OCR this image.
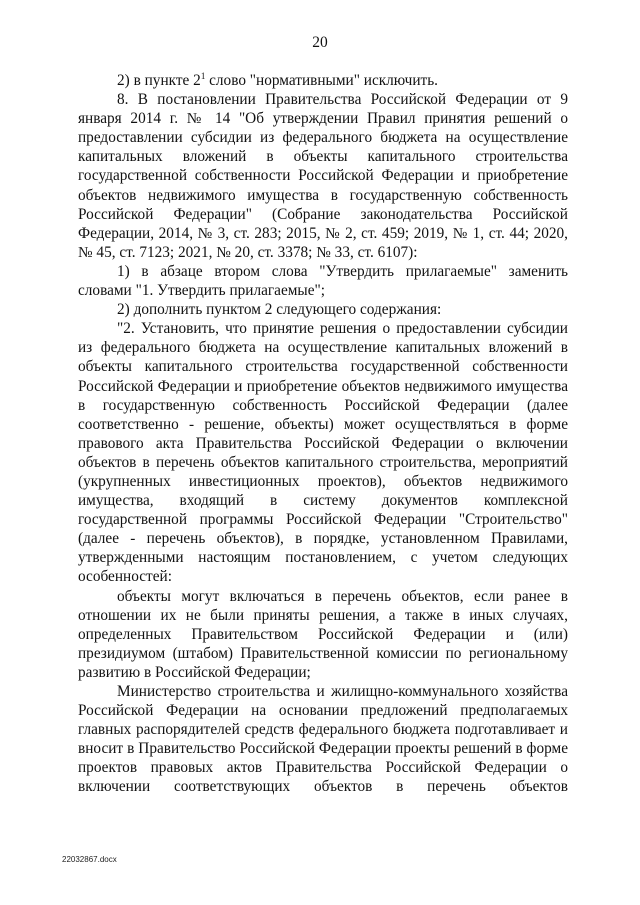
20

2) в пункте $2^1$ слово "нормативными" исключить.

8. В постановлении Правительства Российской Федерации от 9 января 2014 г. № 14 "Об утверждении Правил принятия решений о предоставлении субсидии из федерального бюджета на осуществление капитальных вложений в объекты капитального строительства государственной собственности Российской Федерации и приобретение объектов недвижимого имущества в государственную собственность Российской Федерации" (Собрание законодательства Российской Федерации, 2014, № 3, ст. 283; 2015, № 2, ст. 459; 2019, № 1, ст. 44; 2020, № 45, ст. 7123; 2021, № 20, ст. 3378; № 33, ст. 6107):

1) в абзаце втором слова "Утвердить прилагаемые" заменить словами "1. Утвердить прилагаемые";

2) дополнить пунктом 2 следующего содержания:

"2. Установить, что принятие решения о предоставлении субсидии из федерального бюджета на осуществление капитальных вложений в объекты капитального строительства государственной собственности Российской Федерации и приобретение объектов недвижимого имущества в государственную собственность Российской Федерации (далее соответственно - решение, объекты) может осуществляться в форме правового акта Правительства Российской Федерации о включении объектов в перечень объектов капитального строительства, мероприятий (укрупненных инвестиционных проектов), объектов недвижимого имущества, входящий в систему документов комплексной государственной программы Российской Федерации "Строительство" (далее - перечень объектов), в порядке, установленном Правилами, утвержденными настоящим постановлением, с учетом следующих особенностей:

объекты могут включаться в перечень объектов, если ранее в отношении их не были приняты решения, а также в иных случаях, определенных Правительством Российской Федерации и (или) президиумом (штабом) Правительственной комиссии по региональному развитию в Российской Федерации;

Министерство строительства и жилищно-коммунального хозяйства Российской Федерации на основании предложений предполагаемых главных распорядителей средств федерального бюджета подготавливает и вносит в Правительство Российской Федерации проекты решений в форме проектов правовых актов Правительства Российской Федерации о включении соответствующих объектов в перечень объектов

22032867.docx
